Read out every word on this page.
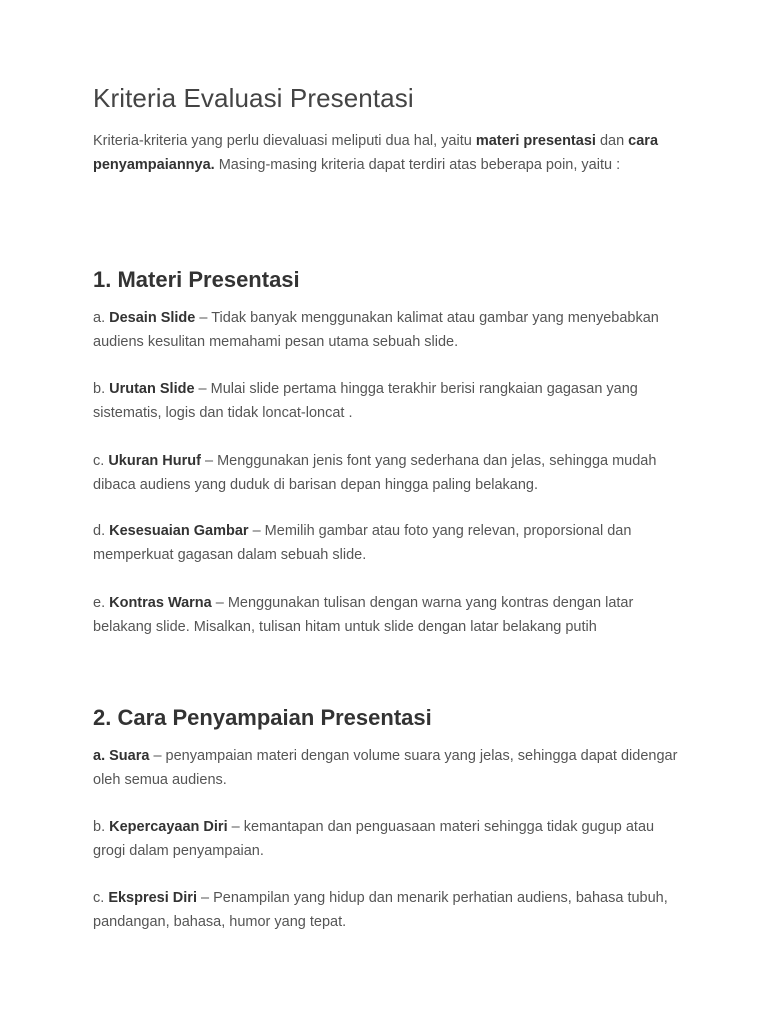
Kriteria Evaluasi Presentasi

Kriteria-kriteria yang perlu dievaluasi meliputi dua hal, yaitu materi presentasi dan cara penyampaiannya. Masing-masing kriteria dapat terdiri atas beberapa poin, yaitu :

1. Materi Presentasi

a. Desain Slide – Tidak banyak menggunakan kalimat atau gambar yang menyebabkan audiens kesulitan memahami pesan utama sebuah slide.

b. Urutan Slide – Mulai slide pertama hingga terakhir berisi rangkaian gagasan yang sistematis, logis dan tidak loncat-loncat .

c. Ukuran Huruf – Menggunakan jenis font yang sederhana dan jelas, sehingga mudah dibaca audiens yang duduk di barisan depan hingga paling belakang.

d. Kesesuaian Gambar – Memilih gambar atau foto yang relevan, proporsional dan memperkuat gagasan dalam sebuah slide.

e. Kontras Warna – Menggunakan tulisan dengan warna yang kontras dengan latar belakang slide. Misalkan, tulisan hitam untuk slide dengan latar belakang putih

2. Cara Penyampaian Presentasi

a. Suara – penyampaian materi dengan volume suara yang jelas, sehingga dapat didengar oleh semua audiens.

b. Kepercayaan Diri – kemantapan dan penguasaan materi sehingga tidak gugup atau grogi dalam penyampaian.

c. Ekspresi Diri – Penampilan yang hidup dan menarik perhatian audiens, bahasa tubuh, pandangan, bahasa, humor yang tepat.
